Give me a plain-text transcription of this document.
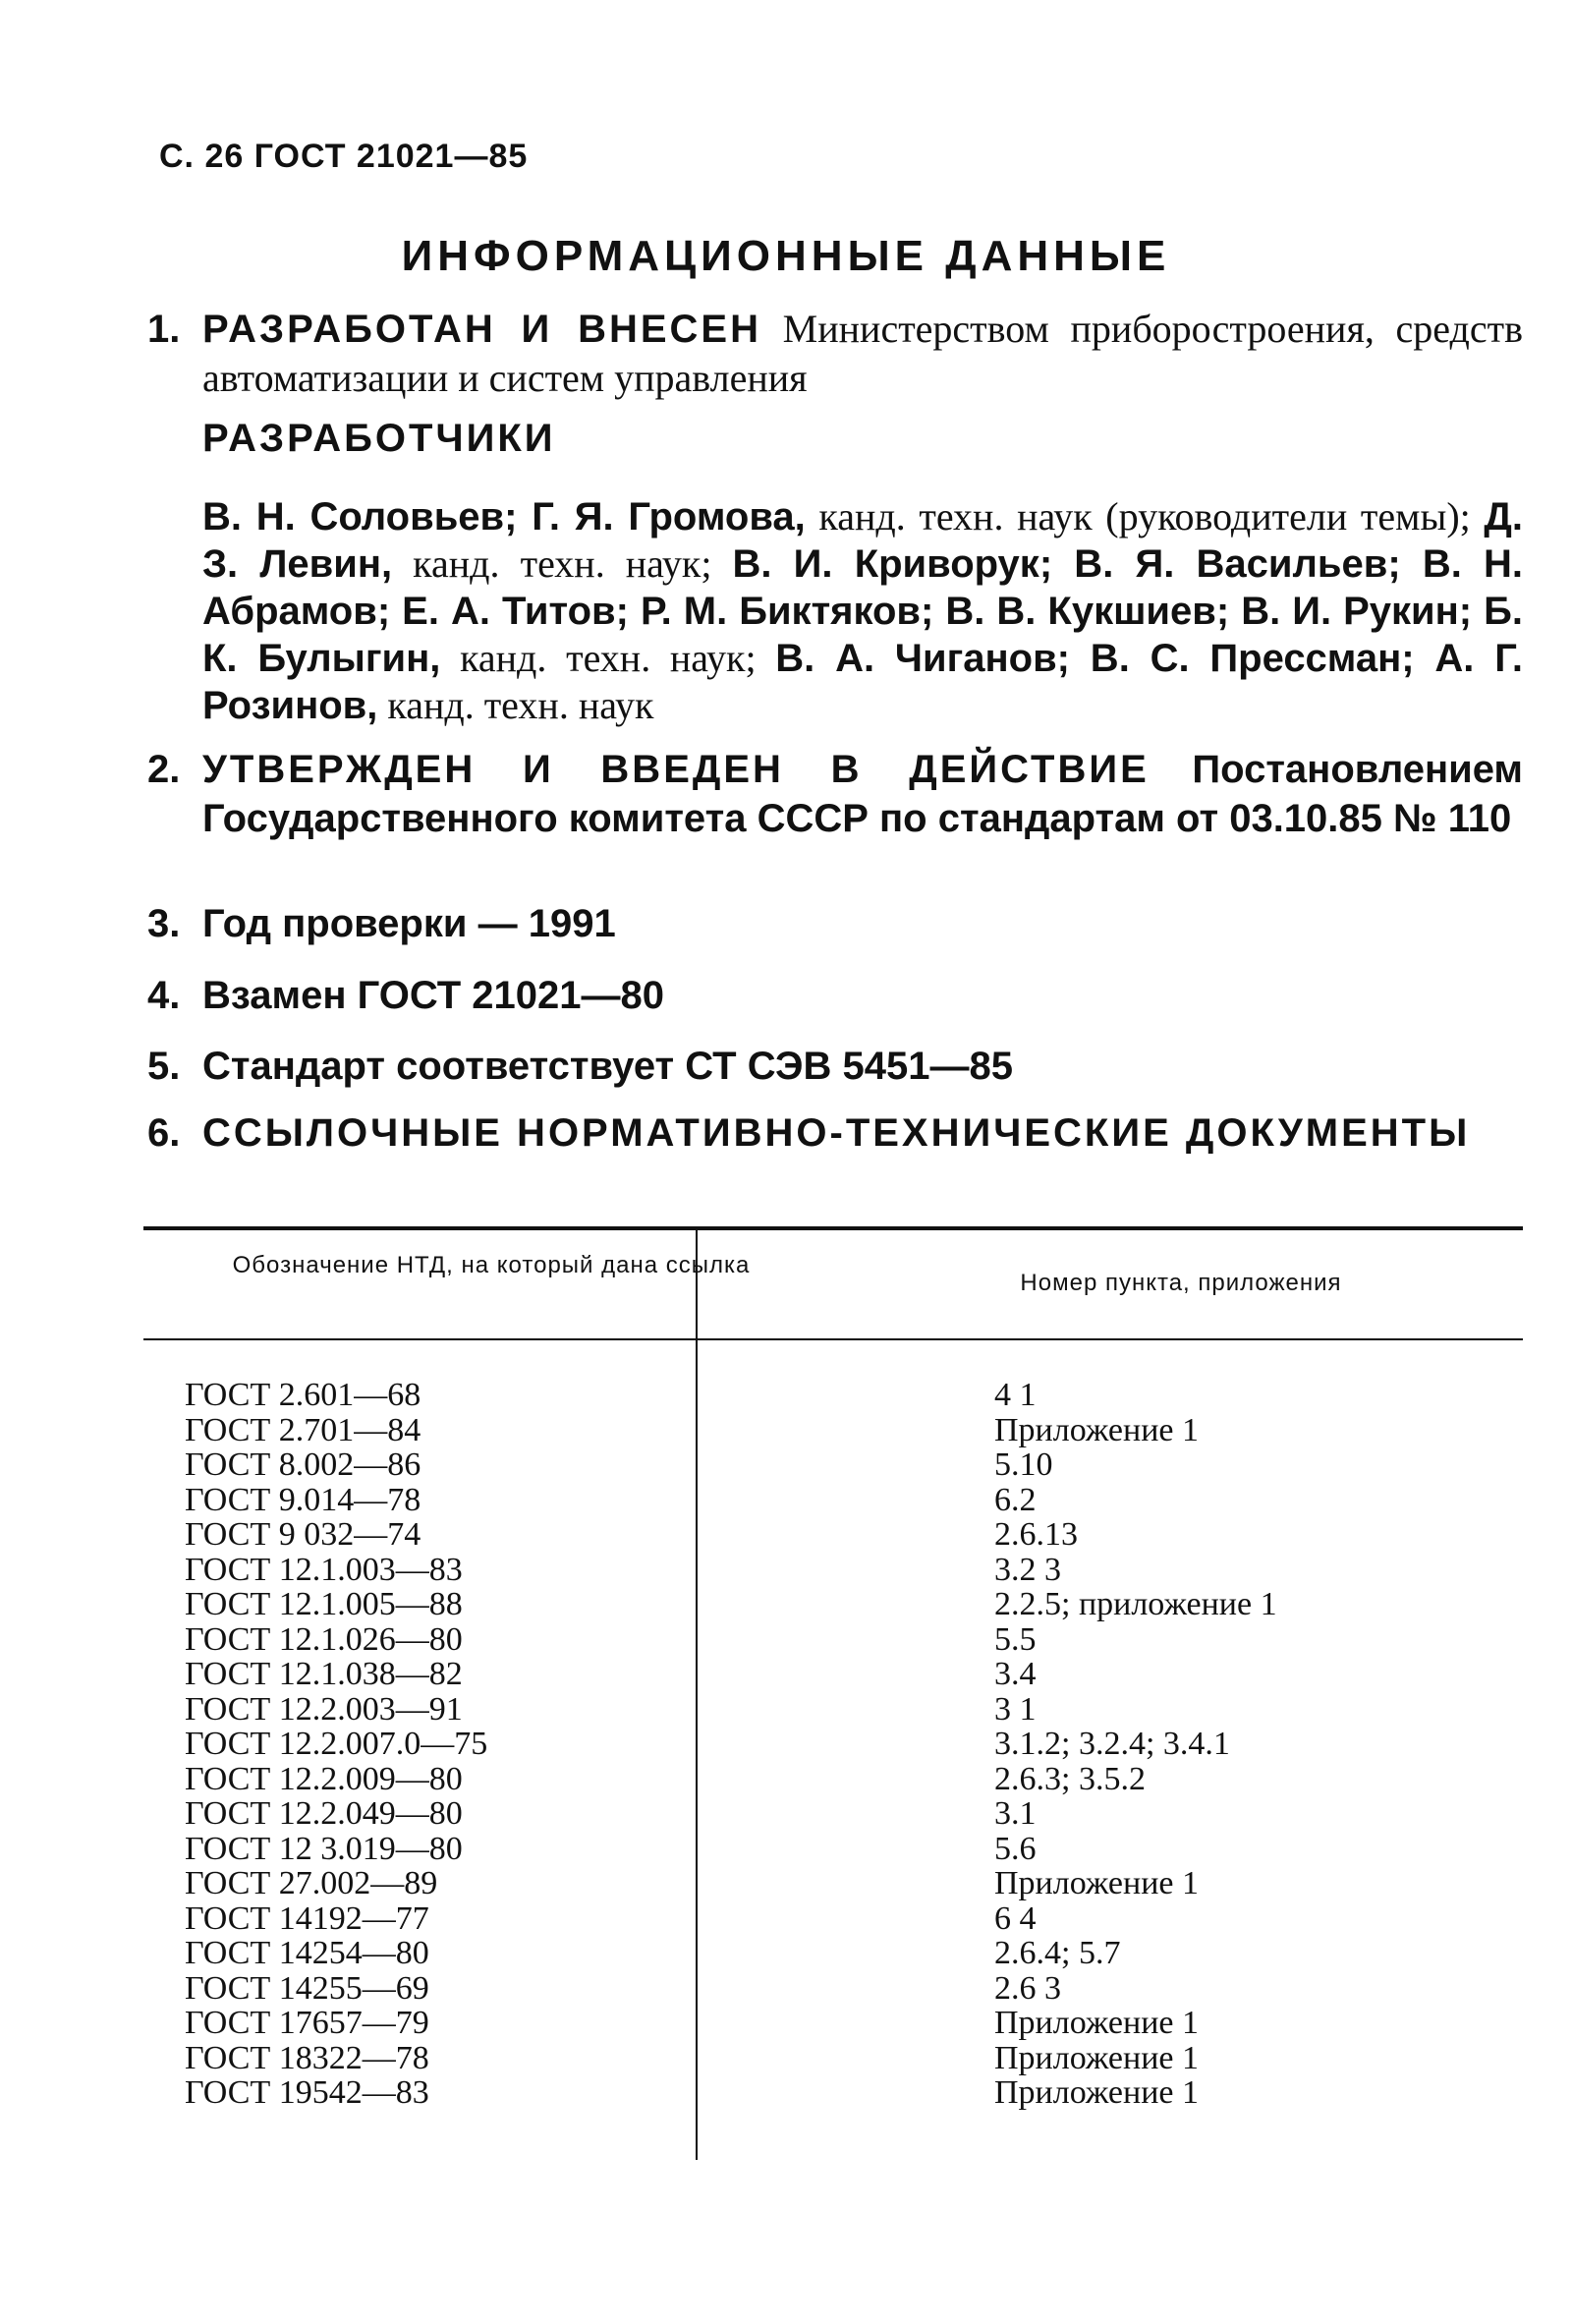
С. 26 ГОСТ 21021—85
ИНФОРМАЦИОННЫЕ ДАННЫЕ
1. РАЗРАБОТАН И ВНЕСЕН Министерством приборостроения, средств автоматизации и систем управления
РАЗРАБОТЧИКИ
В. Н. Соловьев; Г. Я. Громова, канд. техн. наук (руководители темы); Д. З. Левин, канд. техн. наук; В. И. Криворук; В. Я. Васильев; В. Н. Абрамов; Е. А. Титов; Р. М. Биктяков; В. В. Кукшиев; В. И. Рукин; Б. К. Булыгин, канд. техн. наук; В. А. Чиганов; В. С. Прессман; А. Г. Розинов, канд. техн. наук
2. УТВЕРЖДЕН И ВВЕДЕН В ДЕЙСТВИЕ Постановлением Государственного комитета СССР по стандартам от 03.10.85 № 110
3. Год проверки — 1991
4. Взамен ГОСТ 21021—80
5. Стандарт соответствует СТ СЭВ 5451—85
6. ССЫЛОЧНЫЕ НОРМАТИВНО-ТЕХНИЧЕСКИЕ ДОКУМЕНТЫ
Обозначение НТД, на который дана ссылка
Номер пункта, приложения
ГОСТ 2.601—68	4 1
ГОСТ 2.701—84	Приложение 1
ГОСТ 8.002—86	5.10
ГОСТ 9.014—78	6.2
ГОСТ 9 032—74	2.6.13
ГОСТ 12.1.003—83	3.2 3
ГОСТ 12.1.005—88	2.2.5; приложение 1
ГОСТ 12.1.026—80	5.5
ГОСТ 12.1.038—82	3.4
ГОСТ 12.2.003—91	3 1
ГОСТ 12.2.007.0—75	3.1.2; 3.2.4; 3.4.1
ГОСТ 12.2.009—80	2.6.3; 3.5.2
ГОСТ 12.2.049—80	3.1
ГОСТ 12 3.019—80	5.6
ГОСТ 27.002—89	Приложение 1
ГОСТ 14192—77	6 4
ГОСТ 14254—80	2.6.4; 5.7
ГОСТ 14255—69	2.6 3
ГОСТ 17657—79	Приложение 1
ГОСТ 18322—78	Приложение 1
ГОСТ 19542—83	Приложение 1
